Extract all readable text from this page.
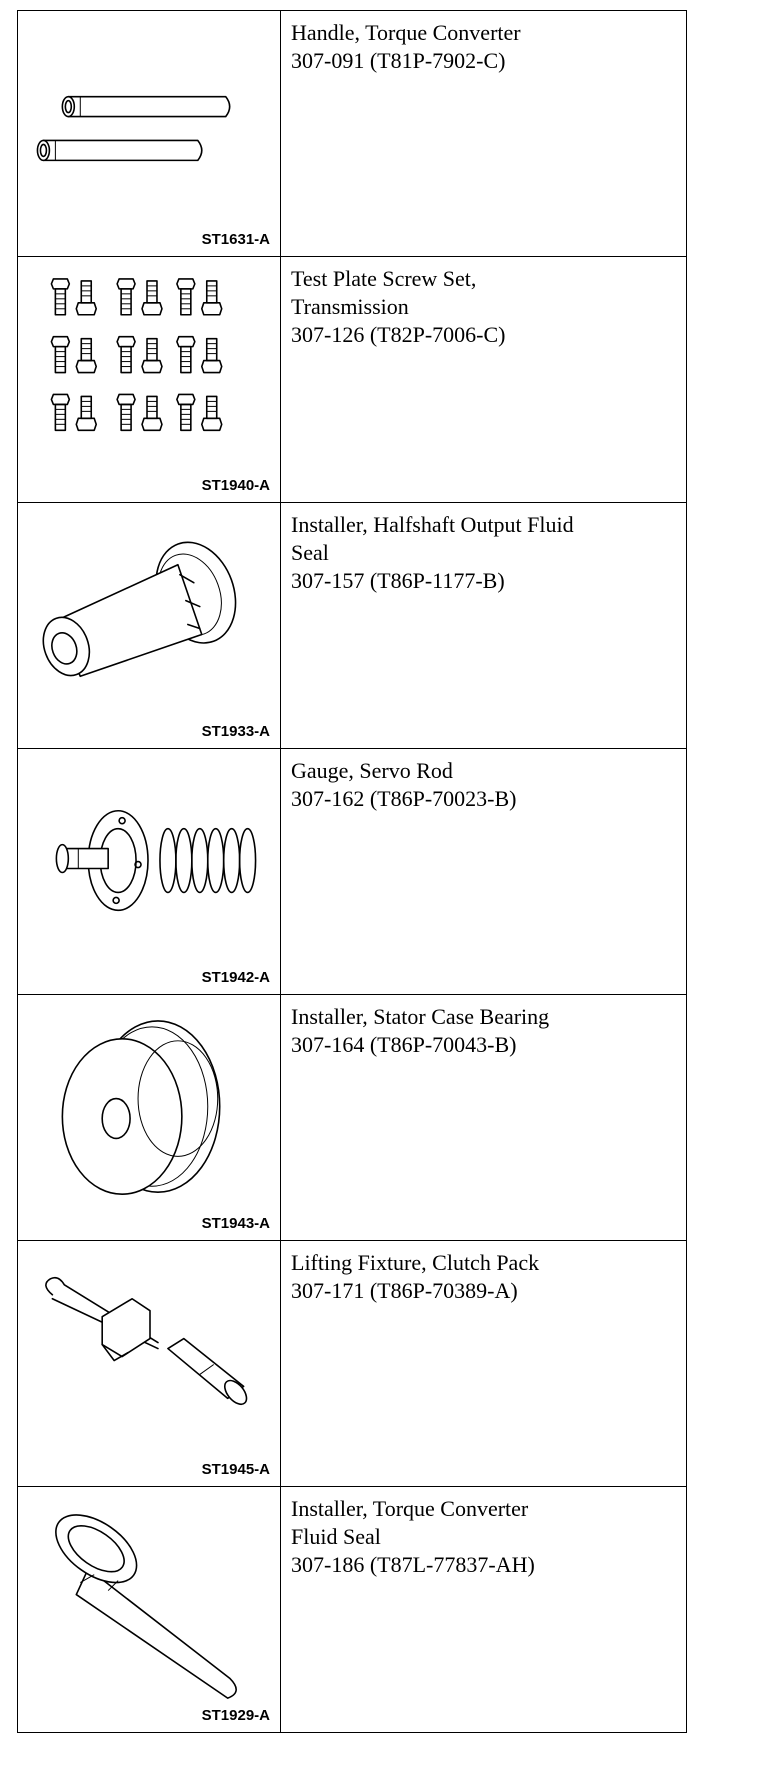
ST1631-A	Handle, Torque Converter
307-091 (T81P-7902-C)

ST1940-A	Test Plate Screw Set,
Transmission
307-126 (T82P-7006-C)

ST1933-A	Installer, Halfshaft Output Fluid
Seal
307-157 (T86P-1177-B)

ST1942-A	Gauge, Servo Rod
307-162 (T86P-70023-B)

ST1943-A	Installer, Stator Case Bearing
307-164 (T86P-70043-B)

ST1945-A	Lifting Fixture, Clutch Pack
307-171 (T86P-70389-A)

ST1929-A	Installer, Torque Converter
Fluid Seal
307-186 (T87L-77837-AH)
